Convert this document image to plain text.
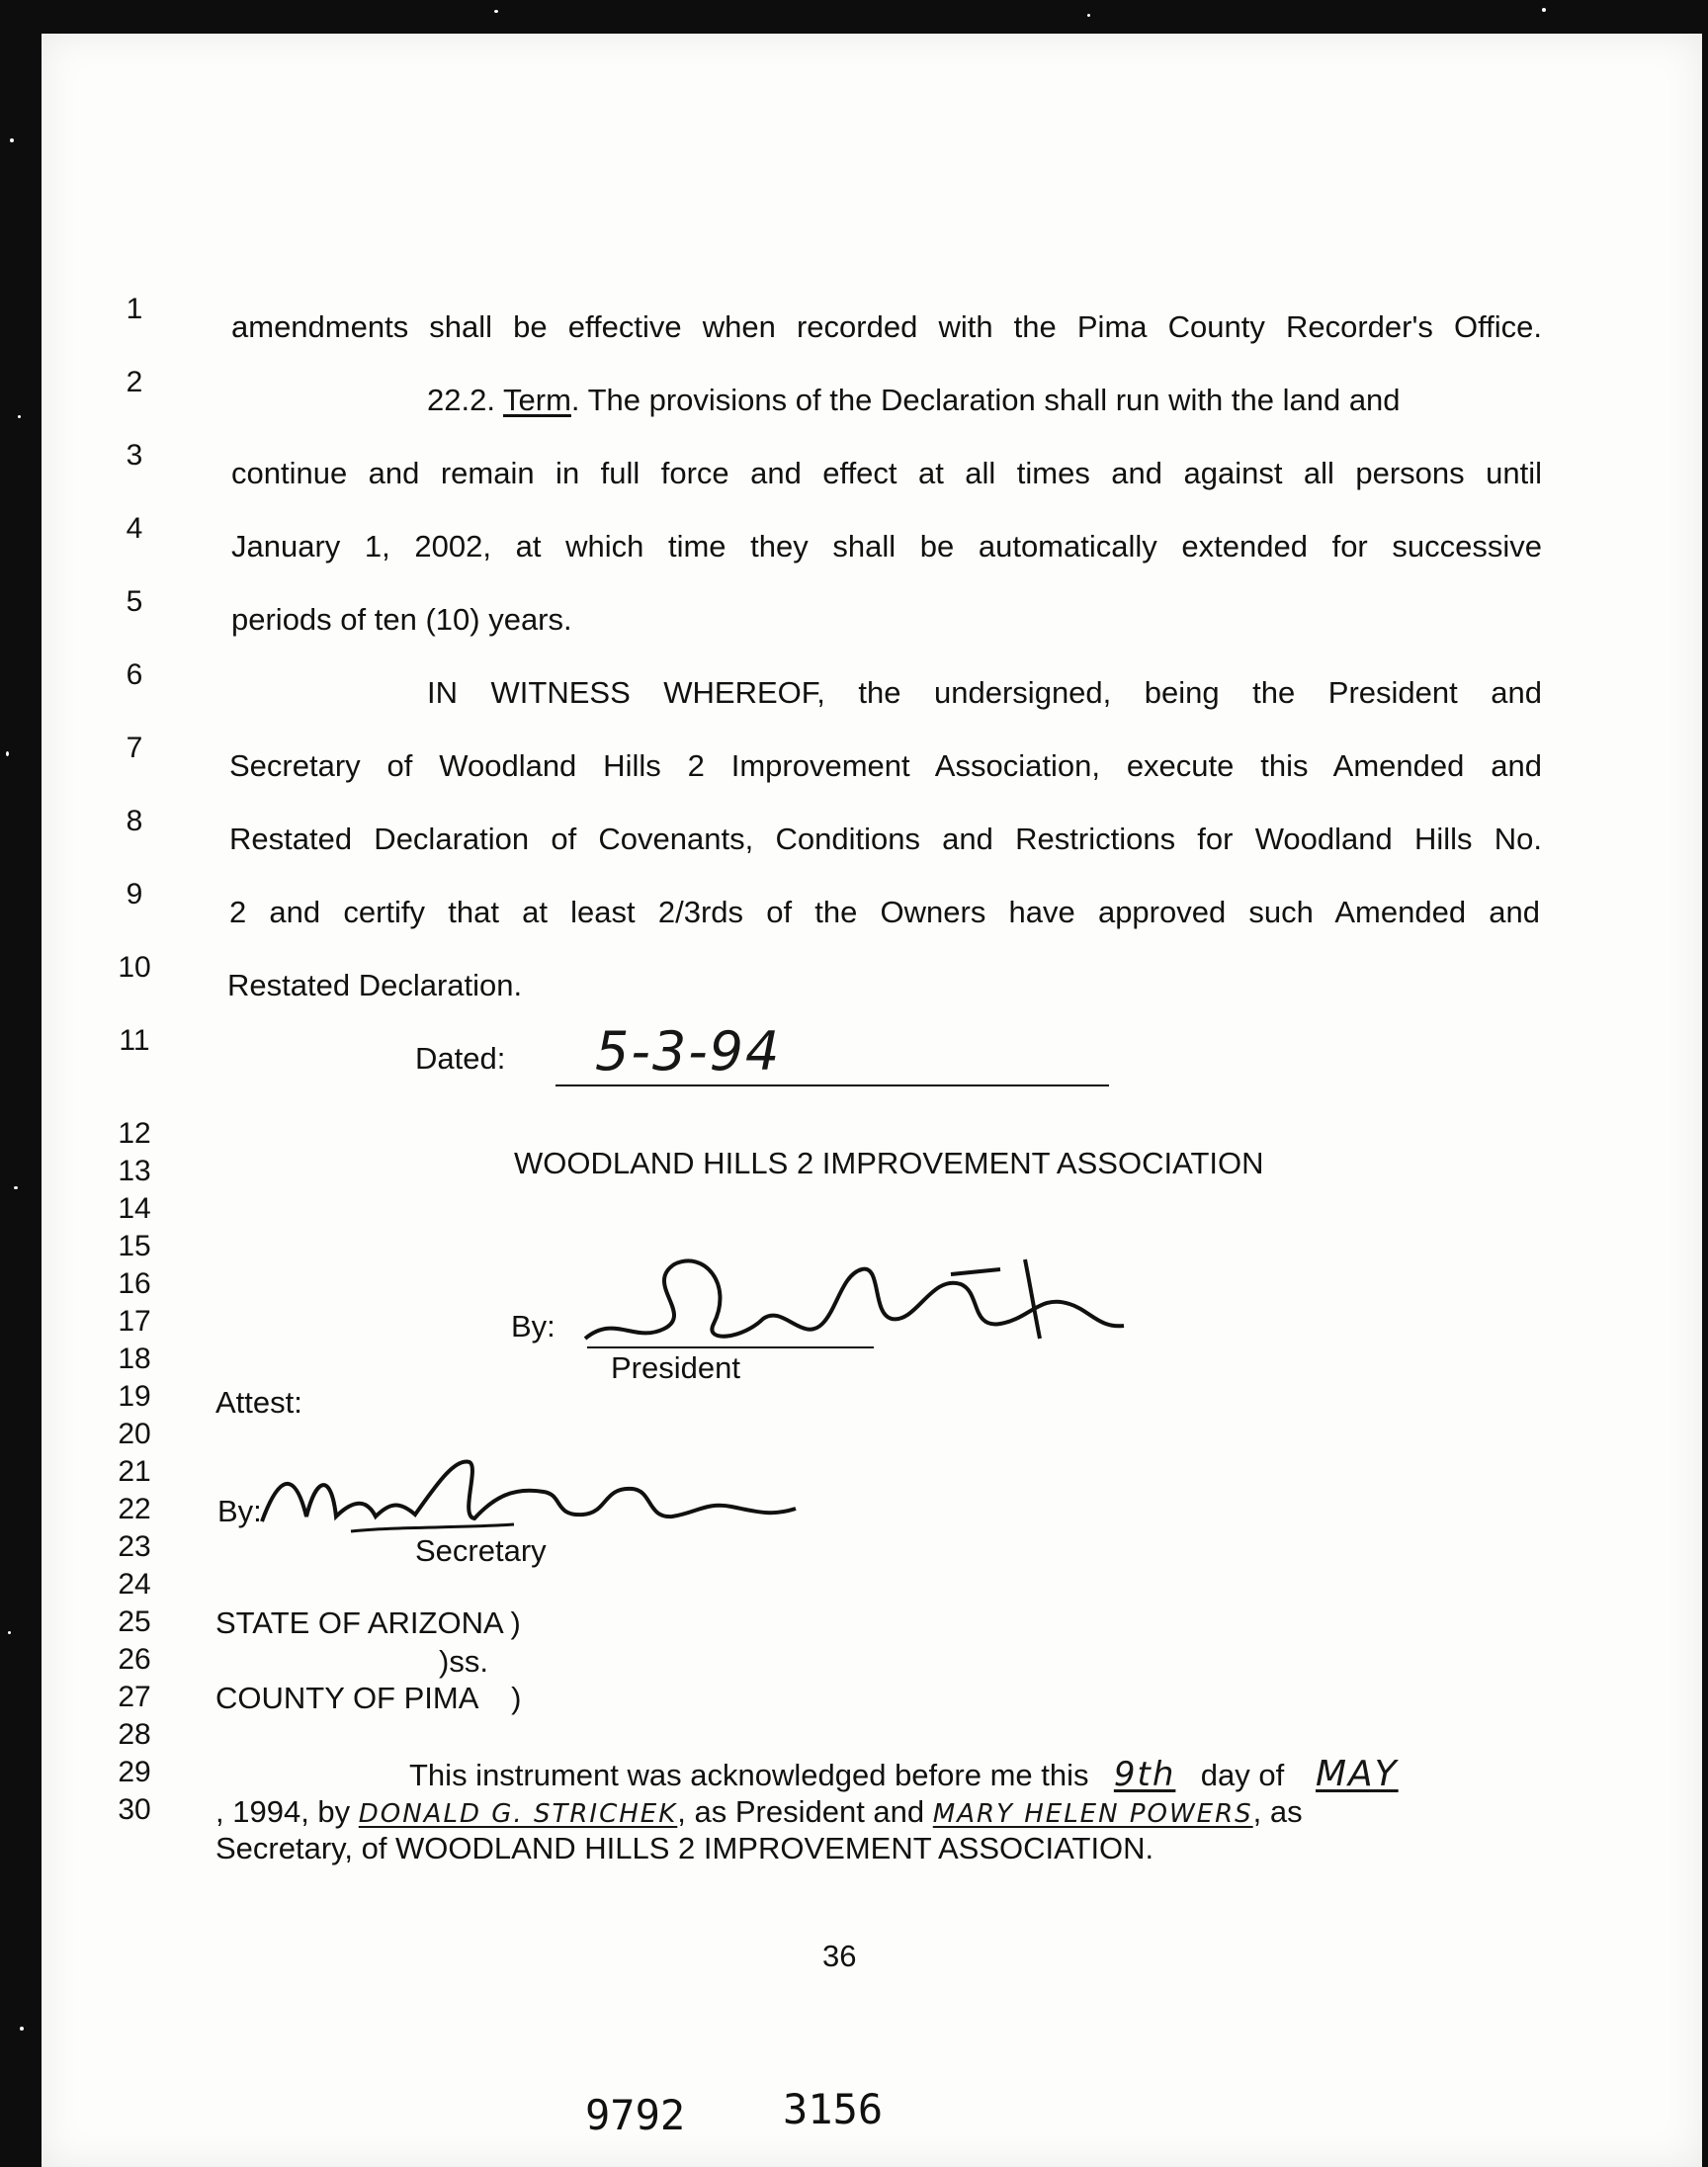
1
2
3
4
5
6
7
8
9
10
11
12
13
14
15
16
17
18
19
20
21
22
23
24
25
26
27
28
29
30
amendments shall be effective when recorded with the Pima County Recorder's Office.
22.2. Term. The provisions of the Declaration shall run with the land and
continue and remain in full force and effect at all times and against all persons until
January 1, 2002, at which time they shall be automatically extended for successive
periods of ten (10) years.
IN WITNESS WHEREOF, the undersigned, being the President and
Secretary of Woodland Hills 2 Improvement Association, execute this Amended and
Restated Declaration of Covenants, Conditions and Restrictions for Woodland Hills No.
2 and certify that at least 2/3rds of the Owners have approved such Amended and
Restated Declaration.
Dated: 5-3-94
WOODLAND HILLS 2 IMPROVEMENT ASSOCIATION
By:
President
Attest:
By:
Secretary
STATE OF ARIZONA )
)ss.
COUNTY OF PIMA    )
This instrument was acknowledged before me this 9th day of MAY
, 1994, by DONALD G. STRICHEK, as President and MARY HELEN POWERS, as
Secretary, of WOODLAND HILLS 2 IMPROVEMENT ASSOCIATION.
36
9792 3156
